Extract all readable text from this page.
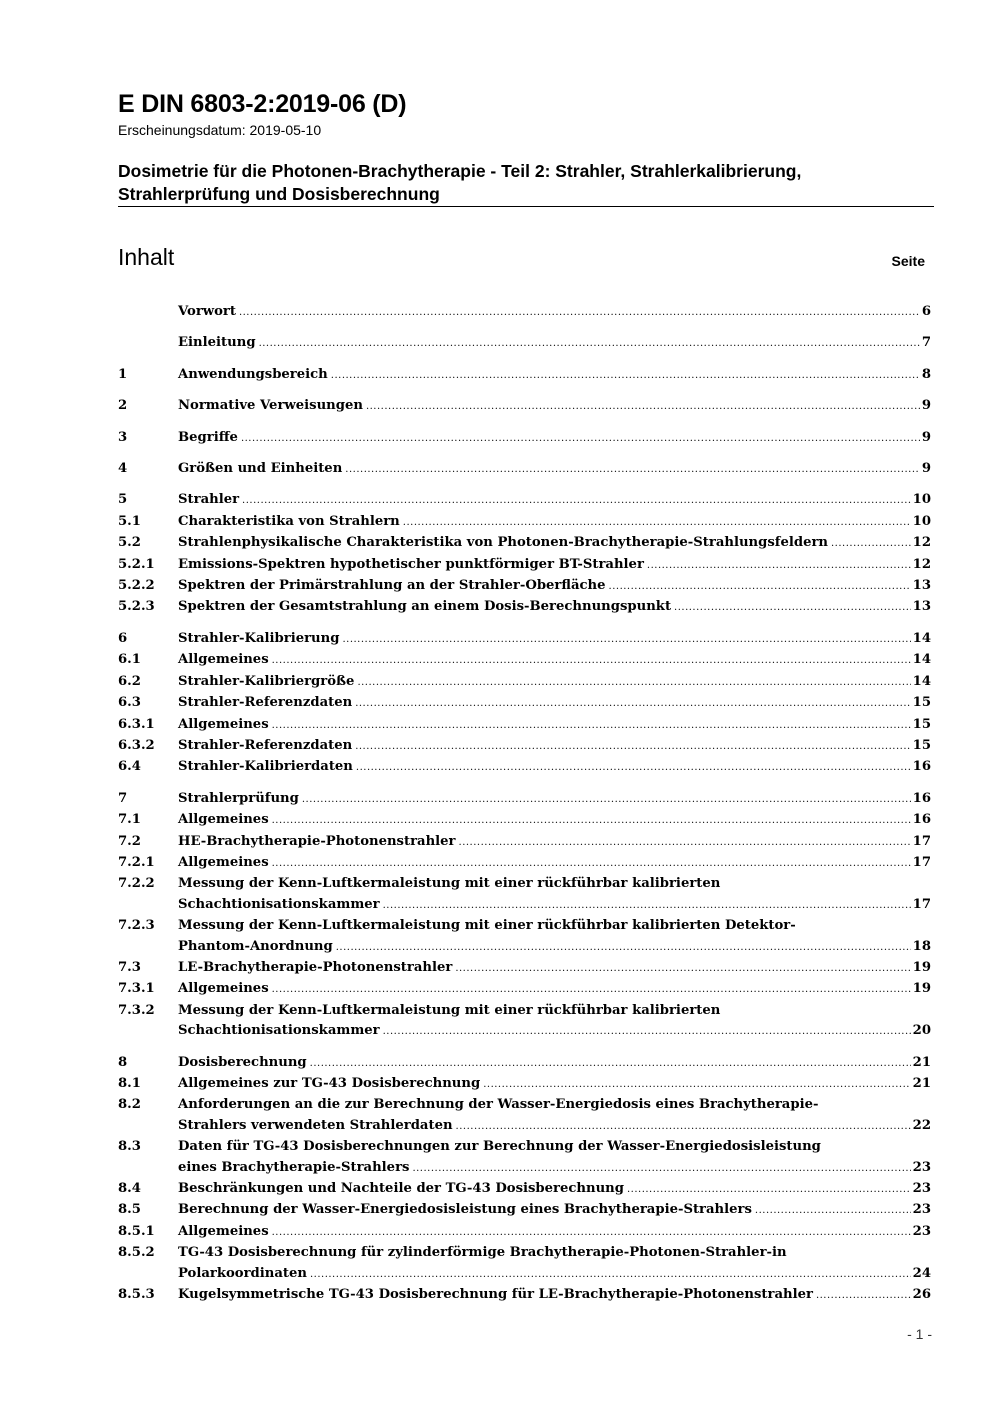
E DIN 6803-2:2019-06 (D)
Erscheinungsdatum: 2019-05-10
Dosimetrie für die Photonen-Brachytherapie - Teil 2: Strahler, Strahlerkalibrierung,
Strahlerprüfung und Dosisberechnung
Inhalt	Seite
Vorwort .....	6
Einleitung .....	7
1	Anwendungsbereich .....	8
2	Normative Verweisungen .....	9
3	Begriffe .....	9
4	Größen und Einheiten .....	9
5	Strahler .....	10
5.1	Charakteristika von Strahlern .....	10
5.2	Strahlenphysikalische Charakteristika von Photonen-Brachytherapie-Strahlungsfeldern .....	12
5.2.1	Emissions-Spektren hypothetischer punktförmiger BT-Strahler .....	12
5.2.2	Spektren der Primärstrahlung an der Strahler-Oberfläche .....	13
5.2.3	Spektren der Gesamtstrahlung an einem Dosis-Berechnungspunkt .....	13
6	Strahler-Kalibrierung .....	14
6.1	Allgemeines .....	14
6.2	Strahler-Kalibriergröße .....	14
6.3	Strahler-Referenzdaten .....	15
6.3.1	Allgemeines .....	15
6.3.2	Strahler-Referenzdaten .....	15
6.4	Strahler-Kalibrierdaten .....	16
7	Strahlerprüfung .....	16
7.1	Allgemeines .....	16
7.2	HE-Brachytherapie-Photonenstrahler .....	17
7.2.1	Allgemeines .....	17
7.2.2	Messung der Kenn-Luftkermaleistung mit einer rückführbar kalibrierten
Schachtionisationskammer .....	17
7.2.3	Messung der Kenn-Luftkermaleistung mit einer rückführbar kalibrierten Detektor-
Phantom-Anordnung .....	18
7.3	LE-Brachytherapie-Photonenstrahler .....	19
7.3.1	Allgemeines .....	19
7.3.2	Messung der Kenn-Luftkermaleistung mit einer rückführbar kalibrierten
Schachtionisationskammer .....	20
8	Dosisberechnung .....	21
8.1	Allgemeines zur TG-43 Dosisberechnung .....	21
8.2	Anforderungen an die zur Berechnung der Wasser-Energiedosis eines Brachytherapie-
Strahlers verwendeten Strahlerdaten .....	22
8.3	Daten für TG-43 Dosisberechnungen zur Berechnung der Wasser-Energiedosisleistung
eines Brachytherapie-Strahlers .....	23
8.4	Beschränkungen und Nachteile der TG-43 Dosisberechnung .....	23
8.5	Berechnung der Wasser-Energiedosisleistung eines Brachytherapie-Strahlers .....	23
8.5.1	Allgemeines .....	23
8.5.2	TG-43 Dosisberechnung für zylinderförmige Brachytherapie-Photonen-Strahler-in
Polarkoordinaten .....	24
8.5.3	Kugelsymmetrische TG-43 Dosisberechnung für LE-Brachytherapie-Photonenstrahler .....	26
- 1 -
